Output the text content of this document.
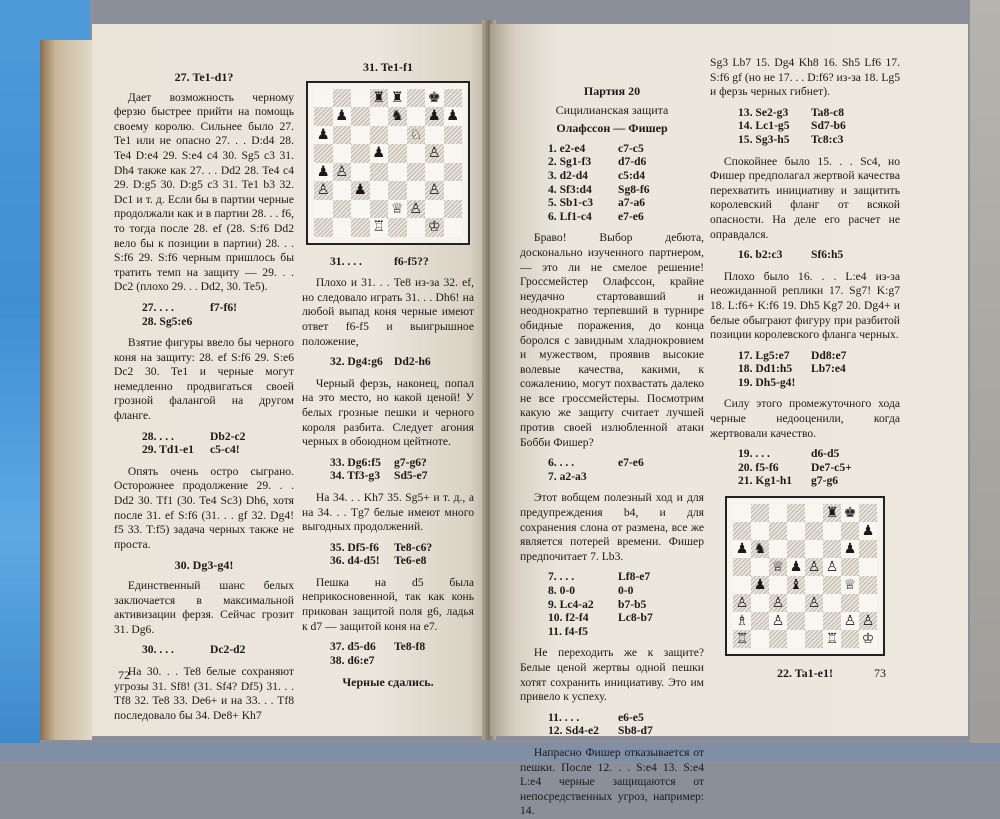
27. Te1-d1?

Дает возможность черному ферзю быстрее прийти на помощь своему королю. Сильнее было 27. Te1 или не опасно 27. . . D:d4 28. Te4 D:e4 29. S:e4 c4 30. Sg5 c3 31. Dh4 также как 27. . . Dd2 28. Te4 c4 29. D:g5 30. D:g5 c3 31. Te1 b3 32. Dc1 и т. д. Если бы в партии черные продолжали как и в партии 28. . . f6, то тогда после 28. ef (28. S:f6 Dd2 вело бы к позиции в партии) 28. . . S:f6 29. S:f6 черным пришлось бы тратить темп на защиту — 29. . . Dc2 (плохо 29. . . Dd2, 30. Te5).

27. . . .	f7-f6!
28. Sg5:e6

Взятие фигуры ввело бы черного коня на защиту: 28. ef S:f6 29. S:e6 Dc2 30. Te1 и черные могут немедленно продвигаться своей грозной фалангой на другом фланге.

28. . . .	Db2-c2
29. Td1-e1	c5-c4!

Опять очень остро сыграно. Осторожнее продолжение 29. . . Dd2 30. Tf1 (30. Te4 Sc3) Dh6, хотя после 31. ef S:f6 (31. . . gf 32. Dg4! f5 33. T:f5) задача черных также не проста.

30. Dg3-g4!

Единственный шанс белых заключается в максимальной активизации ферзя. Сейчас грозит 31. Dg6.

30. . . .	Dc2-d2

На 30. . . Te8 белые сохраняют угрозы 31. Sf8! (31. Sf4? Df5) 31. . . Tf8 32. Te8 33. De6+ и на 33. . . Tf8 последовало бы 34. De8+ Kh7

31. Te1-f1
♜ ♜ ♚
♟	♞ ♟ ♟
♟	♘
♟	♙
♟ ♙
♙ ♟	♙
♕ ♙
♖	♔
31. . . .	f6-f5??

Плохо и 31. . . Te8 из-за 32. ef, но следовало играть 31. . . Dh6! на любой выпад коня черные имеют ответ f6-f5 и выигрышное положение,

32. Dg4:g6 Dd2-h6

Черный ферзь, наконец, попал на это место, но какой ценой! У белых грозные пешки и черного короля разбита. Следует агония черных в обоюдном цейтноте.

33. Dg6:f5	g7-g6?
34. Tf3-g3	Sd5-e7

На 34. . . Kh7 35. Sg5+ и т. д., а на 34. . . Tg7 белые имеют много выгодных продолжений.

35. Df5-f6	Te8-c6?
36. d4-d5!	Te6-e8

Пешка на d5 была неприкосновенной, так как конь прикован защитой поля g6, ладья к d7 — защитой коня на e7.

37. d5-d6	Te8-f8
38. d6:e7
Черные сдались.
72
Партия 20
Сицилианская защита
Олафссон — Фишер
1. e2-e4	c7-c5
2. Sg1-f3	d7-d6
3. d2-d4	c5:d4
4. Sf3:d4	Sg8-f6
5. Sb1-c3	a7-a6
6. Lf1-c4	e7-e6

Браво! Выбор дебюта, досконально изученного партнером, — это ли не смелое решение! Гроссмейстер Олафссон, крайне неудачно стартовавший и неоднократно терпевший в турнире обидные поражения, до конца боролся с завидным хладнокровием и мужеством, проявив высокие волевые качества, какими, к сожалению, могут похвастать далеко не все гроссмейстеры. Посмотрим какую же защиту считает лучшей против своей излюбленной атаки Бобби Фишер?

6. . . .	e7-e6
7. a2-a3

Этот вобщем полезный ход и для предупреждения b4, и для сохранения слона от размена, все же является потерей времени. Фишер предпочитает 7. Lb3.

7. . . .	Lf8-e7
8. 0-0	0-0
9. Lc4-a2	b7-b5
10. f2-f4	Lc8-b7
11. f4-f5

Не переходить же к защите? Белые ценой жертвы одной пешки хотят сохранить инициативу. Это им привело к успеху.

11. . . .	e6-e5
12. Sd4-e2	Sb8-d7

Напрасно Фишер отказывается от пешки. После 12. . . S:e4 13. S:e4 L:e4 черные защищаются от непосредственных угроз, например: 14.

Sg3 Lb7 15. Dg4 Kh8 16. Sh5 Lf6 17. S:f6 gf (но не 17. . . D:f6? из-за 18. Lg5 и ферзь черных гибнет).

13. Se2-g3	Ta8-c8
14. Lc1-g5	Sd7-b6
15. Sg3-h5	Tc8:c3

Спокойнее было 15. . . Sc4, но Фишер предполагал жертвой качества перехватить инициативу и защитить королевский фланг от всякой опасности. На деле его расчет не оправдался.

16. b2:c3	Sf6:h5

Плохо было 16. . . L:e4 из-за неожиданной реплики 17. Sg7! K:g7 18. L:f6+ K:f6 19. Dh5 Kg7 20. Dg4+ и белые обыграют фигуру при разбитой позиции королевского фланга черных.

17. Lg5:e7	Dd8:e7
18. Dd1:h5	Lb7:e4
19. Dh5-g4!

Силу этого промежуточного хода черные недооценили, когда жертвовали качество.

19. . . .	d6-d5
20. f5-f6	De7-c5+
21. Kg1-h1	g7-g6
♜ ♚
♟
♟ ♞	♟
♕ ♟ ♙ ♙
♟ ♝	♕
♙ ♙ ♙
♗ ♙	♙ ♙
♖	♖ ♔
22. Ta1-e1!	73
